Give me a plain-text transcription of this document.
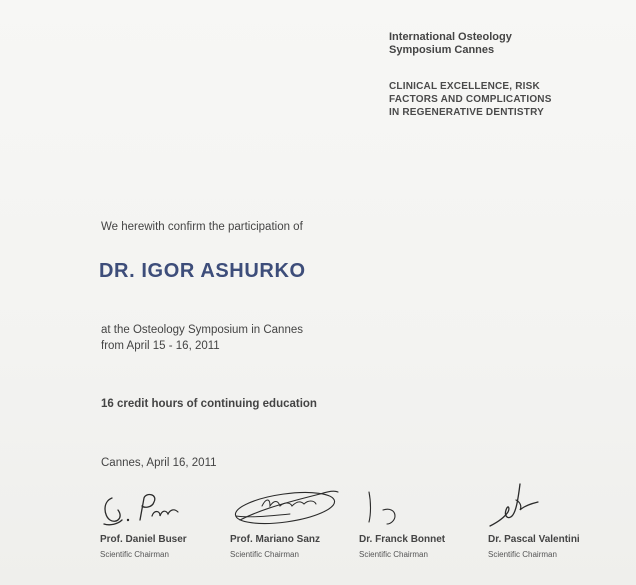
International Osteology
Symposium Cannes
CLINICAL EXCELLENCE, RISK
FACTORS AND COMPLICATIONS
IN REGENERATIVE DENTISTRY
We herewith confirm the participation of
DR. IGOR ASHURKO
at the Osteology Symposium in Cannes
from April 15 - 16, 2011
16 credit hours of continuing education
Cannes, April 16, 2011
Prof. Daniel Buser
Scientific Chairman
Prof. Mariano Sanz
Scientific Chairman
Dr. Franck Bonnet
Scientific Chairman
Dr. Pascal Valentini
Scientific Chairman
